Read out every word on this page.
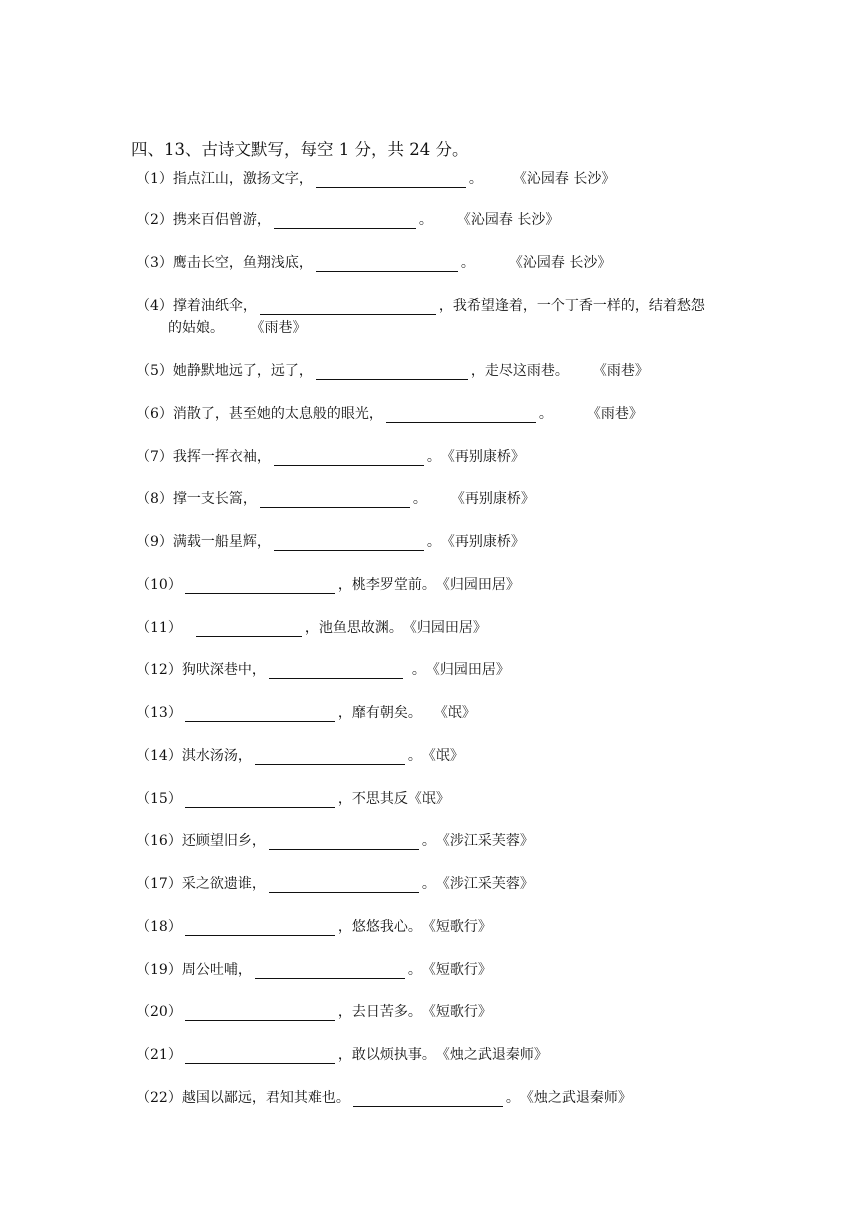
四、13、古诗文默写，每空 1 分，共 24 分。
（1） 指点江山，激扬文字，	。 《沁园春 长沙》
（2） 携来百侣曾游，	。 《沁园春 长沙》
（3） 鹰击长空，鱼翔浅底，	。 《沁园春 长沙》
（4） 撑着油纸伞，	，我希望逢着，一个丁香一样的，结着愁怨
的姑娘。 《雨巷》
（5） 她静默地远了，远了，	，走尽这雨巷。 《雨巷》
（6） 消散了，甚至她的太息般的眼光，	。 《雨巷》
（7） 我挥一挥衣袖，	。 《再别康桥》
（8） 撑一支长篙，	。 《再别康桥》
（9） 满载一船星辉，	。 《再别康桥》
（10）	，桃李罗堂前。 《归园田居》
（11）	，池鱼思故渊。 《归园田居》
（12） 狗吠深巷中，	。 《归园田居》
（13）	，靡有朝矣。 《氓》
（14） 淇水汤汤，	。 《氓》
（15）	，不思其反 《氓》
（16） 还顾望旧乡，	。 《涉江采芙蓉》
（17） 采之欲遗谁，	。 《涉江采芙蓉》
（18）	，悠悠我心。 《短歌行》
（19） 周公吐哺，	。 《短歌行》
（20）	，去日苦多。 《短歌行》
（21）	，敢以烦执事。 《烛之武退秦师》
（22） 越国以鄙远，君知其难也。	。 《烛之武退秦师》
